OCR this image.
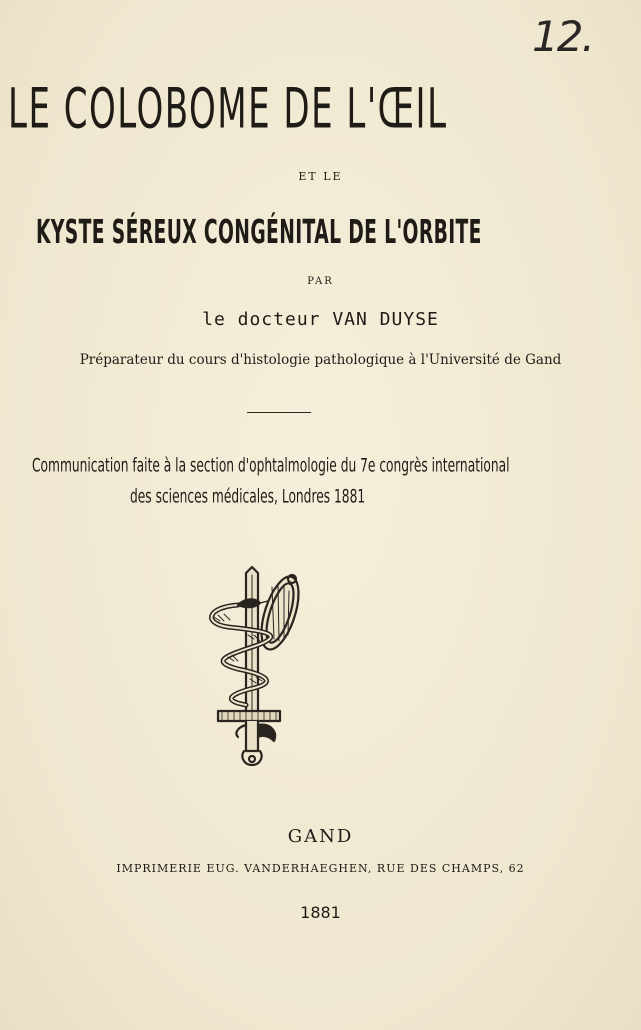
12.
LE COLOBOME DE L'ŒIL
ET LE
KYSTE SÉREUX CONGÉNITAL DE L'ORBITE
PAR
le docteur VAN DUYSE
Préparateur du cours d'histologie pathologique à l'Université de Gand
Communication faite à la section d'ophtalmologie du 7e congrès international
des sciences médicales, Londres 1881
GAND
IMPRIMERIE EUG. VANDERHAEGHEN, RUE DES CHAMPS, 62
1881
